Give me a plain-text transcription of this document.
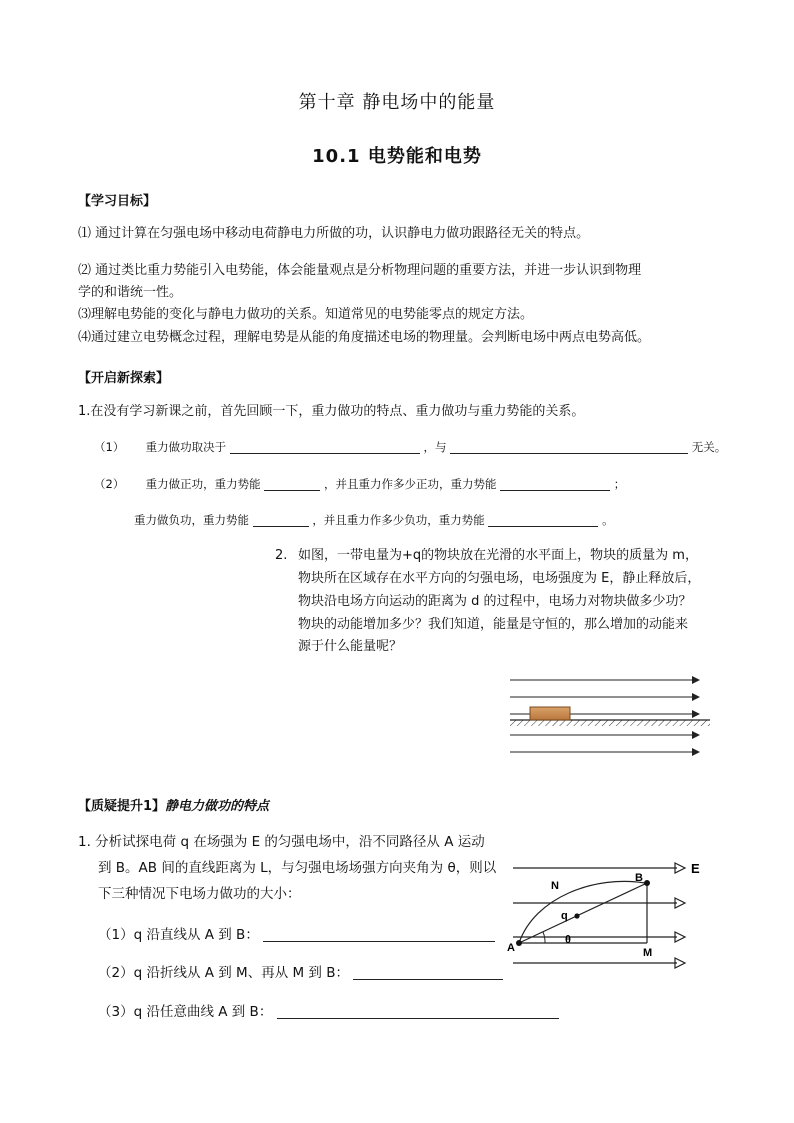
第十章 静电场中的能量
10.1 电势能和电势
【学习目标】
⑴ 通过计算在匀强电场中移动电荷静电力所做的功，认识静电力做功跟路径无关的特点。
⑵ 通过类比重力势能引入电势能，体会能量观点是分析物理问题的重要方法，并进一步认识到物理
学的和谐统一性。
⑶理解电势能的变化与静电力做功的关系。知道常见的电势能零点的规定方法。
⑷通过建立电势概念过程，理解电势是从能的角度描述电场的物理量。会判断电场中两点电势高低。
【开启新探索】
1.在没有学习新课之前，首先回顾一下，重力做功的特点、重力做功与重力势能的关系。
（1） 重力做功取决于	，与	无关。
（2） 重力做正功，重力势能	，并且重力作多少正功，重力势能	；
重力做负功，重力势能	，并且重力作多少负功，重力势能	。
2. 如图，一带电量为+q的物块放在光滑的水平面上，物块的质量为 m，
物块所在区域存在水平方向的匀强电场，电场强度为 E，静止释放后，
物块沿电场方向运动的距离为 d 的过程中，电场力对物块做多少功？
物块的动能增加多少？我们知道，能量是守恒的，那么增加的动能来
源于什么能量呢？
【质疑提升1】静电力做功的特点
1. 分析试探电荷 q 在场强为 E 的匀强电场中，沿不同路径从 A 运动
到 B。AB 间的直线距离为 L，与匀强电场场强方向夹角为 θ，则以
下三种情况下电场力做功的大小：
（1）q 沿直线从 A 到 B：
（2）q 沿折线从 A 到 M、再从 M 到 B：
（3）q 沿任意曲线 A 到 B：
E
N
B
q
θ
A	M
